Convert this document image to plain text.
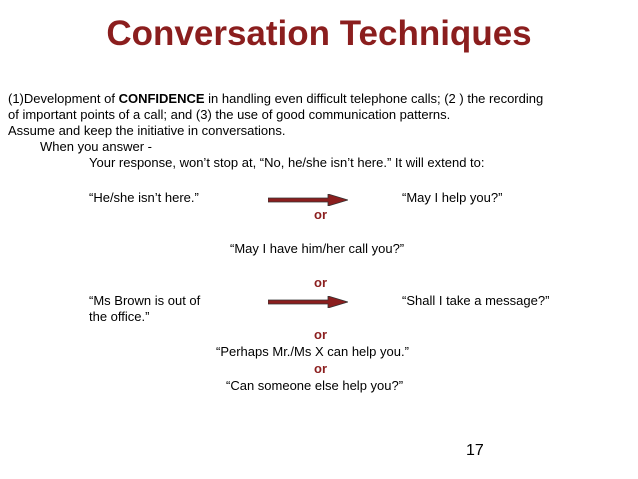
Conversation Techniques
(1)Development of CONFIDENCE in handling even difficult telephone calls; (2 ) the recording
of important points of a call; and (3) the use of good communication patterns.
Assume and keep the initiative in conversations.
When you answer -
Your response, won’t stop at, “No, he/she isn’t here.” It will extend to:
“He/she isn’t here.”	“May I help you?”
or
“May I have him/her call you?”
or
“Ms Brown is out of
the office.”
“Shall I take a message?”
or
“Perhaps Mr./Ms X can help you.”
or
“Can someone else help you?”
17
